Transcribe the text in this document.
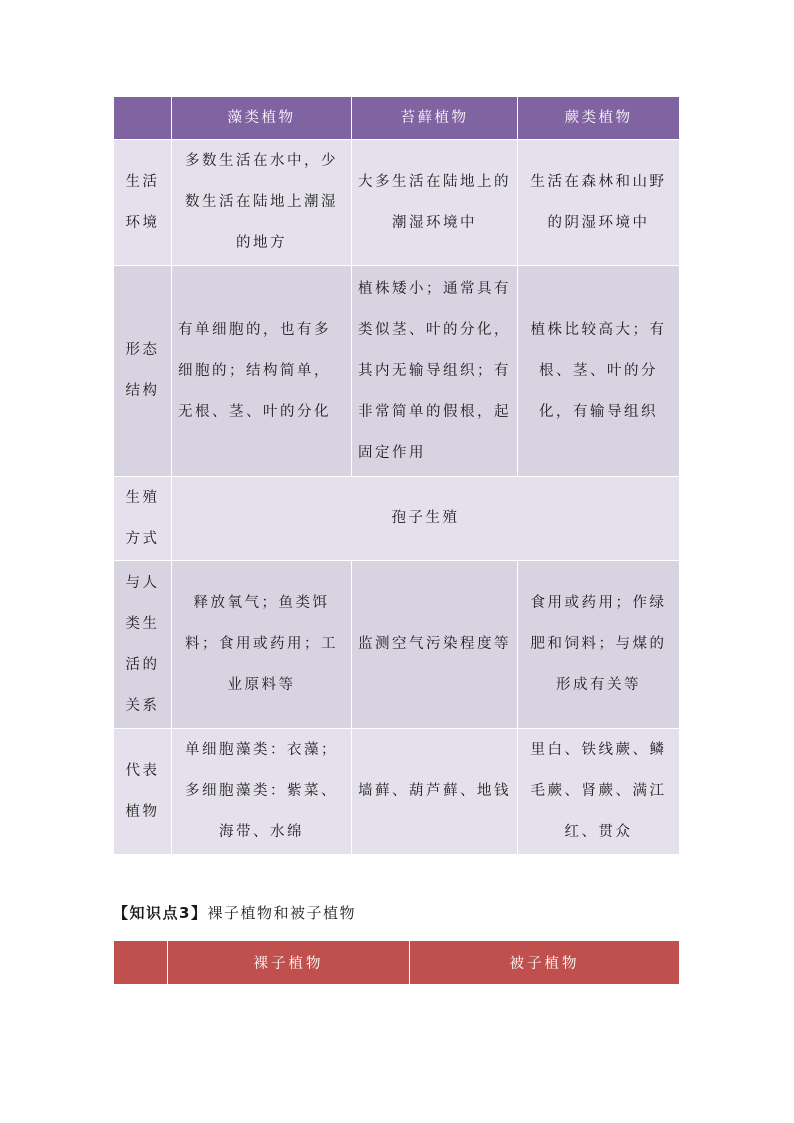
	藻类植物	苔藓植物	蕨类植物
生活环境	多数生活在水中，少数生活在陆地上潮湿的地方	大多生活在陆地上的潮湿环境中	生活在森林和山野的阴湿环境中
形态结构	有单细胞的，也有多细胞的；结构简单，无根、茎、叶的分化	植株矮小；通常具有类似茎、叶的分化，其内无输导组织；有非常简单的假根，起固定作用	植株比较高大；有根、茎、叶的分化，有输导组织
生殖方式	孢子生殖		
与人类生活的关系	释放氧气；鱼类饵料；食用或药用；工业原料等	监测空气污染程度等	食用或药用；作绿肥和饲料；与煤的形成有关等
代表植物	单细胞藻类：衣藻；多细胞藻类：紫菜、海带、水绵	墙藓、葫芦藓、地钱	里白、铁线蕨、鳞毛蕨、肾蕨、满江红、贯众
【知识点3】裸子植物和被子植物
	裸子植物	被子植物
